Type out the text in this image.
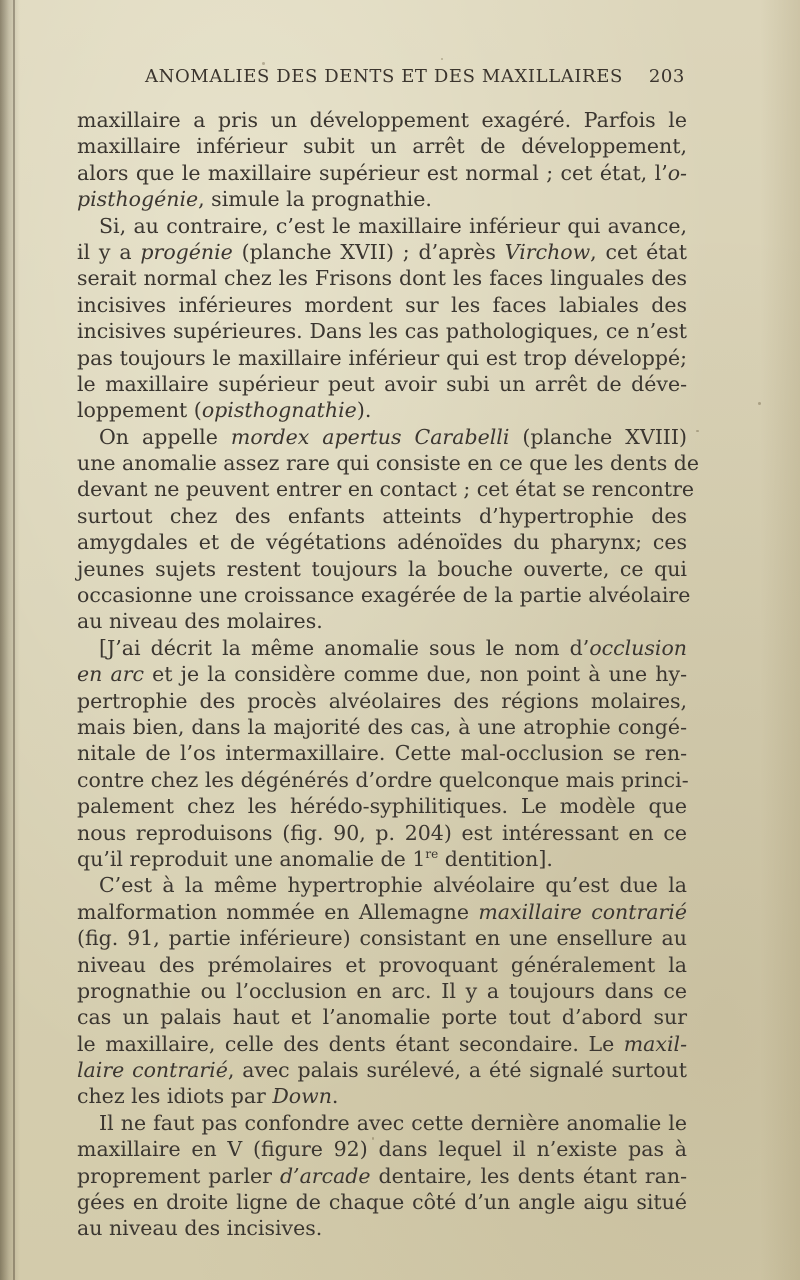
ANOMALIES DES DENTS ET DES MAXILLAIRES 203
maxillaire a pris un développement exagéré. Parfois le
maxillaire inférieur subit un arrêt de développement,
alors que le maxillaire supérieur est normal ; cet état, l’o-
pisthogénie, simule la prognathie.
Si, au contraire, c’est le maxillaire inférieur qui avance,
il y a progénie (planche XVII) ; d’après Virchow, cet état
serait normal chez les Frisons dont les faces linguales des
incisives inférieures mordent sur les faces labiales des
incisives supérieures. Dans les cas pathologiques, ce n’est
pas toujours le maxillaire inférieur qui est trop développé;
le maxillaire supérieur peut avoir subi un arrêt de déve-
loppement (opisthognathie).
On appelle mordex apertus Carabelli (planche XVIII)
une anomalie assez rare qui consiste en ce que les dents de
devant ne peuvent entrer en contact ; cet état se rencontre
surtout chez des enfants atteints d’hypertrophie des
amygdales et de végétations adénoïdes du pharynx; ces
jeunes sujets restent toujours la bouche ouverte, ce qui
occasionne une croissance exagérée de la partie alvéolaire
au niveau des molaires.
[J’ai décrit la même anomalie sous le nom d’occlusion
en arc et je la considère comme due, non point à une hy-
pertrophie des procès alvéolaires des régions molaires,
mais bien, dans la majorité des cas, à une atrophie congé-
nitale de l’os intermaxillaire. Cette mal-occlusion se ren-
contre chez les dégénérés d’ordre quelconque mais princi-
palement chez les hérédo-syphilitiques. Le modèle que
nous reproduisons (fig. 90, p. 204) est intéressant en ce
qu’il reproduit une anomalie de 1re dentition].
C’est à la même hypertrophie alvéolaire qu’est due la
malformation nommée en Allemagne maxillaire contrarié
(fig. 91, partie inférieure) consistant en une ensellure au
niveau des prémolaires et provoquant généralement la
prognathie ou l’occlusion en arc. Il y a toujours dans ce
cas un palais haut et l’anomalie porte tout d’abord sur
le maxillaire, celle des dents étant secondaire. Le maxil-
laire contrarié, avec palais surélevé, a été signalé surtout
chez les idiots par Down.
Il ne faut pas confondre avec cette dernière anomalie le
maxillaire en V (figure 92) dans lequel il n’existe pas à
proprement parler d’arcade dentaire, les dents étant ran-
gées en droite ligne de chaque côté d’un angle aigu situé
au niveau des incisives.
